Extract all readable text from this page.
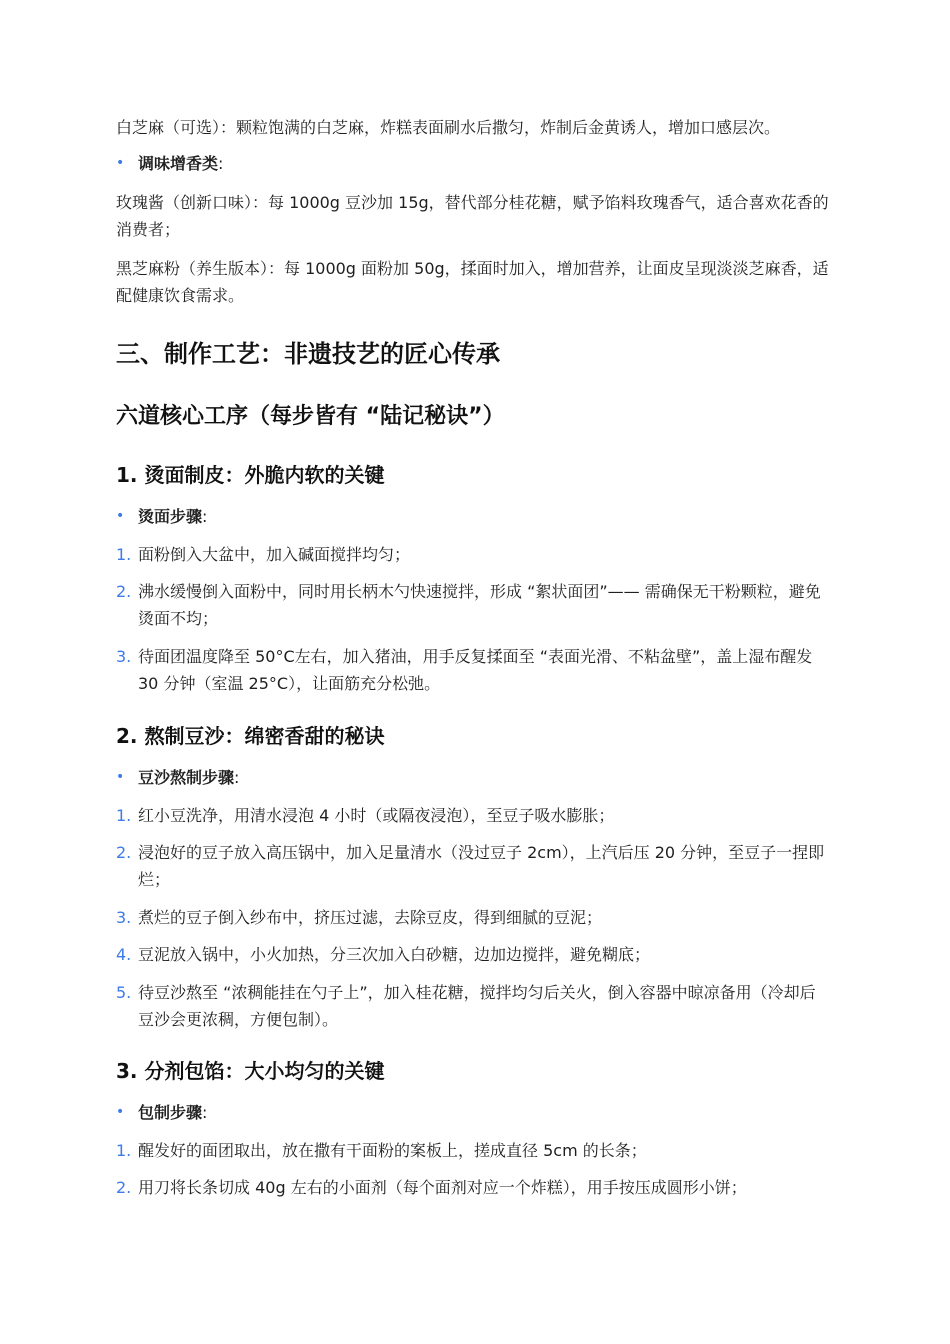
白芝麻（可选）：颗粒饱满的白芝麻，炸糕表面刷水后撒匀，炸制后金黄诱人，增加口感层次。

• 调味增香类:

玫瑰酱（创新口味）：每 1000g 豆沙加 15g，替代部分桂花糖，赋予馅料玫瑰香气，适合喜欢花香的消费者；

黑芝麻粉（养生版本）：每 1000g 面粉加 50g，揉面时加入，增加营养，让面皮呈现淡淡芝麻香，适配健康饮食需求。

三、制作工艺：非遗技艺的匠心传承
六道核心工序（每步皆有 “陆记秘诀”）
1. 烫面制皮：外脆内软的关键
• 烫面步骤:
1. 面粉倒入大盆中，加入碱面搅拌均匀；
2. 沸水缓慢倒入面粉中，同时用长柄木勺快速搅拌，形成 “絮状面团”—— 需确保无干粉颗粒，避免烫面不均；
3. 待面团温度降至 50°C左右，加入猪油，用手反复揉面至 “表面光滑、不粘盆壁”，盖上湿布醒发 30 分钟（室温 25°C），让面筋充分松弛。
2. 熬制豆沙：绵密香甜的秘诀
• 豆沙熬制步骤:
1. 红小豆洗净，用清水浸泡 4 小时（或隔夜浸泡），至豆子吸水膨胀；
2. 浸泡好的豆子放入高压锅中，加入足量清水（没过豆子 2cm），上汽后压 20 分钟，至豆子一捏即烂；
3. 煮烂的豆子倒入纱布中，挤压过滤，去除豆皮，得到细腻的豆泥；
4. 豆泥放入锅中，小火加热，分三次加入白砂糖，边加边搅拌，避免糊底；
5. 待豆沙熬至 “浓稠能挂在勺子上”，加入桂花糖，搅拌均匀后关火，倒入容器中晾凉备用（冷却后豆沙会更浓稠，方便包制）。
3. 分剂包馅：大小均匀的关键
• 包制步骤:
1. 醒发好的面团取出，放在撒有干面粉的案板上，搓成直径 5cm 的长条；
2. 用刀将长条切成 40g 左右的小面剂（每个面剂对应一个炸糕），用手按压成圆形小饼；
